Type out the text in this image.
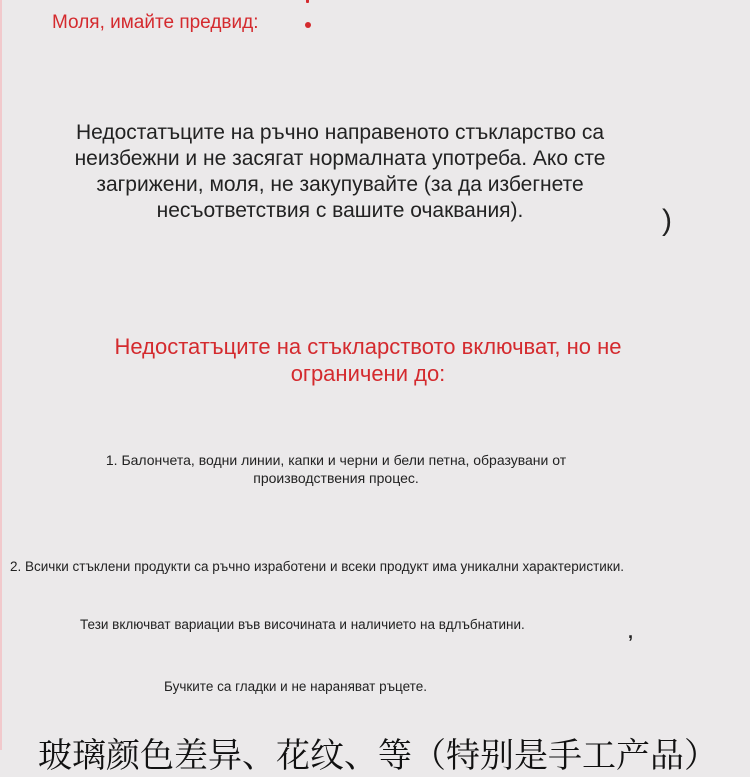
Моля, имайте предвид:
Недостатъците на ръчно направеното стъкларство са
неизбежни и не засягат нормалната употреба. Ако сте
загрижени, моля, не закупувайте (за да избегнете
несъответствия с вашите очаквания).	)
Недостатъците на стъкларството включват, но не
ограничени до:
1. Балончета, водни линии, капки и черни и бели петна, образувани от
производствения процес.
2. Всички стъклени продукти са ръчно изработени и всеки продукт има уникални характеристики.
Тези включват вариации във височината и наличието на вдлъбнатини.	,
Бучките са гладки и не нараняват ръцете.
玻璃颜色差异、花纹、等（特别是手工产品）
